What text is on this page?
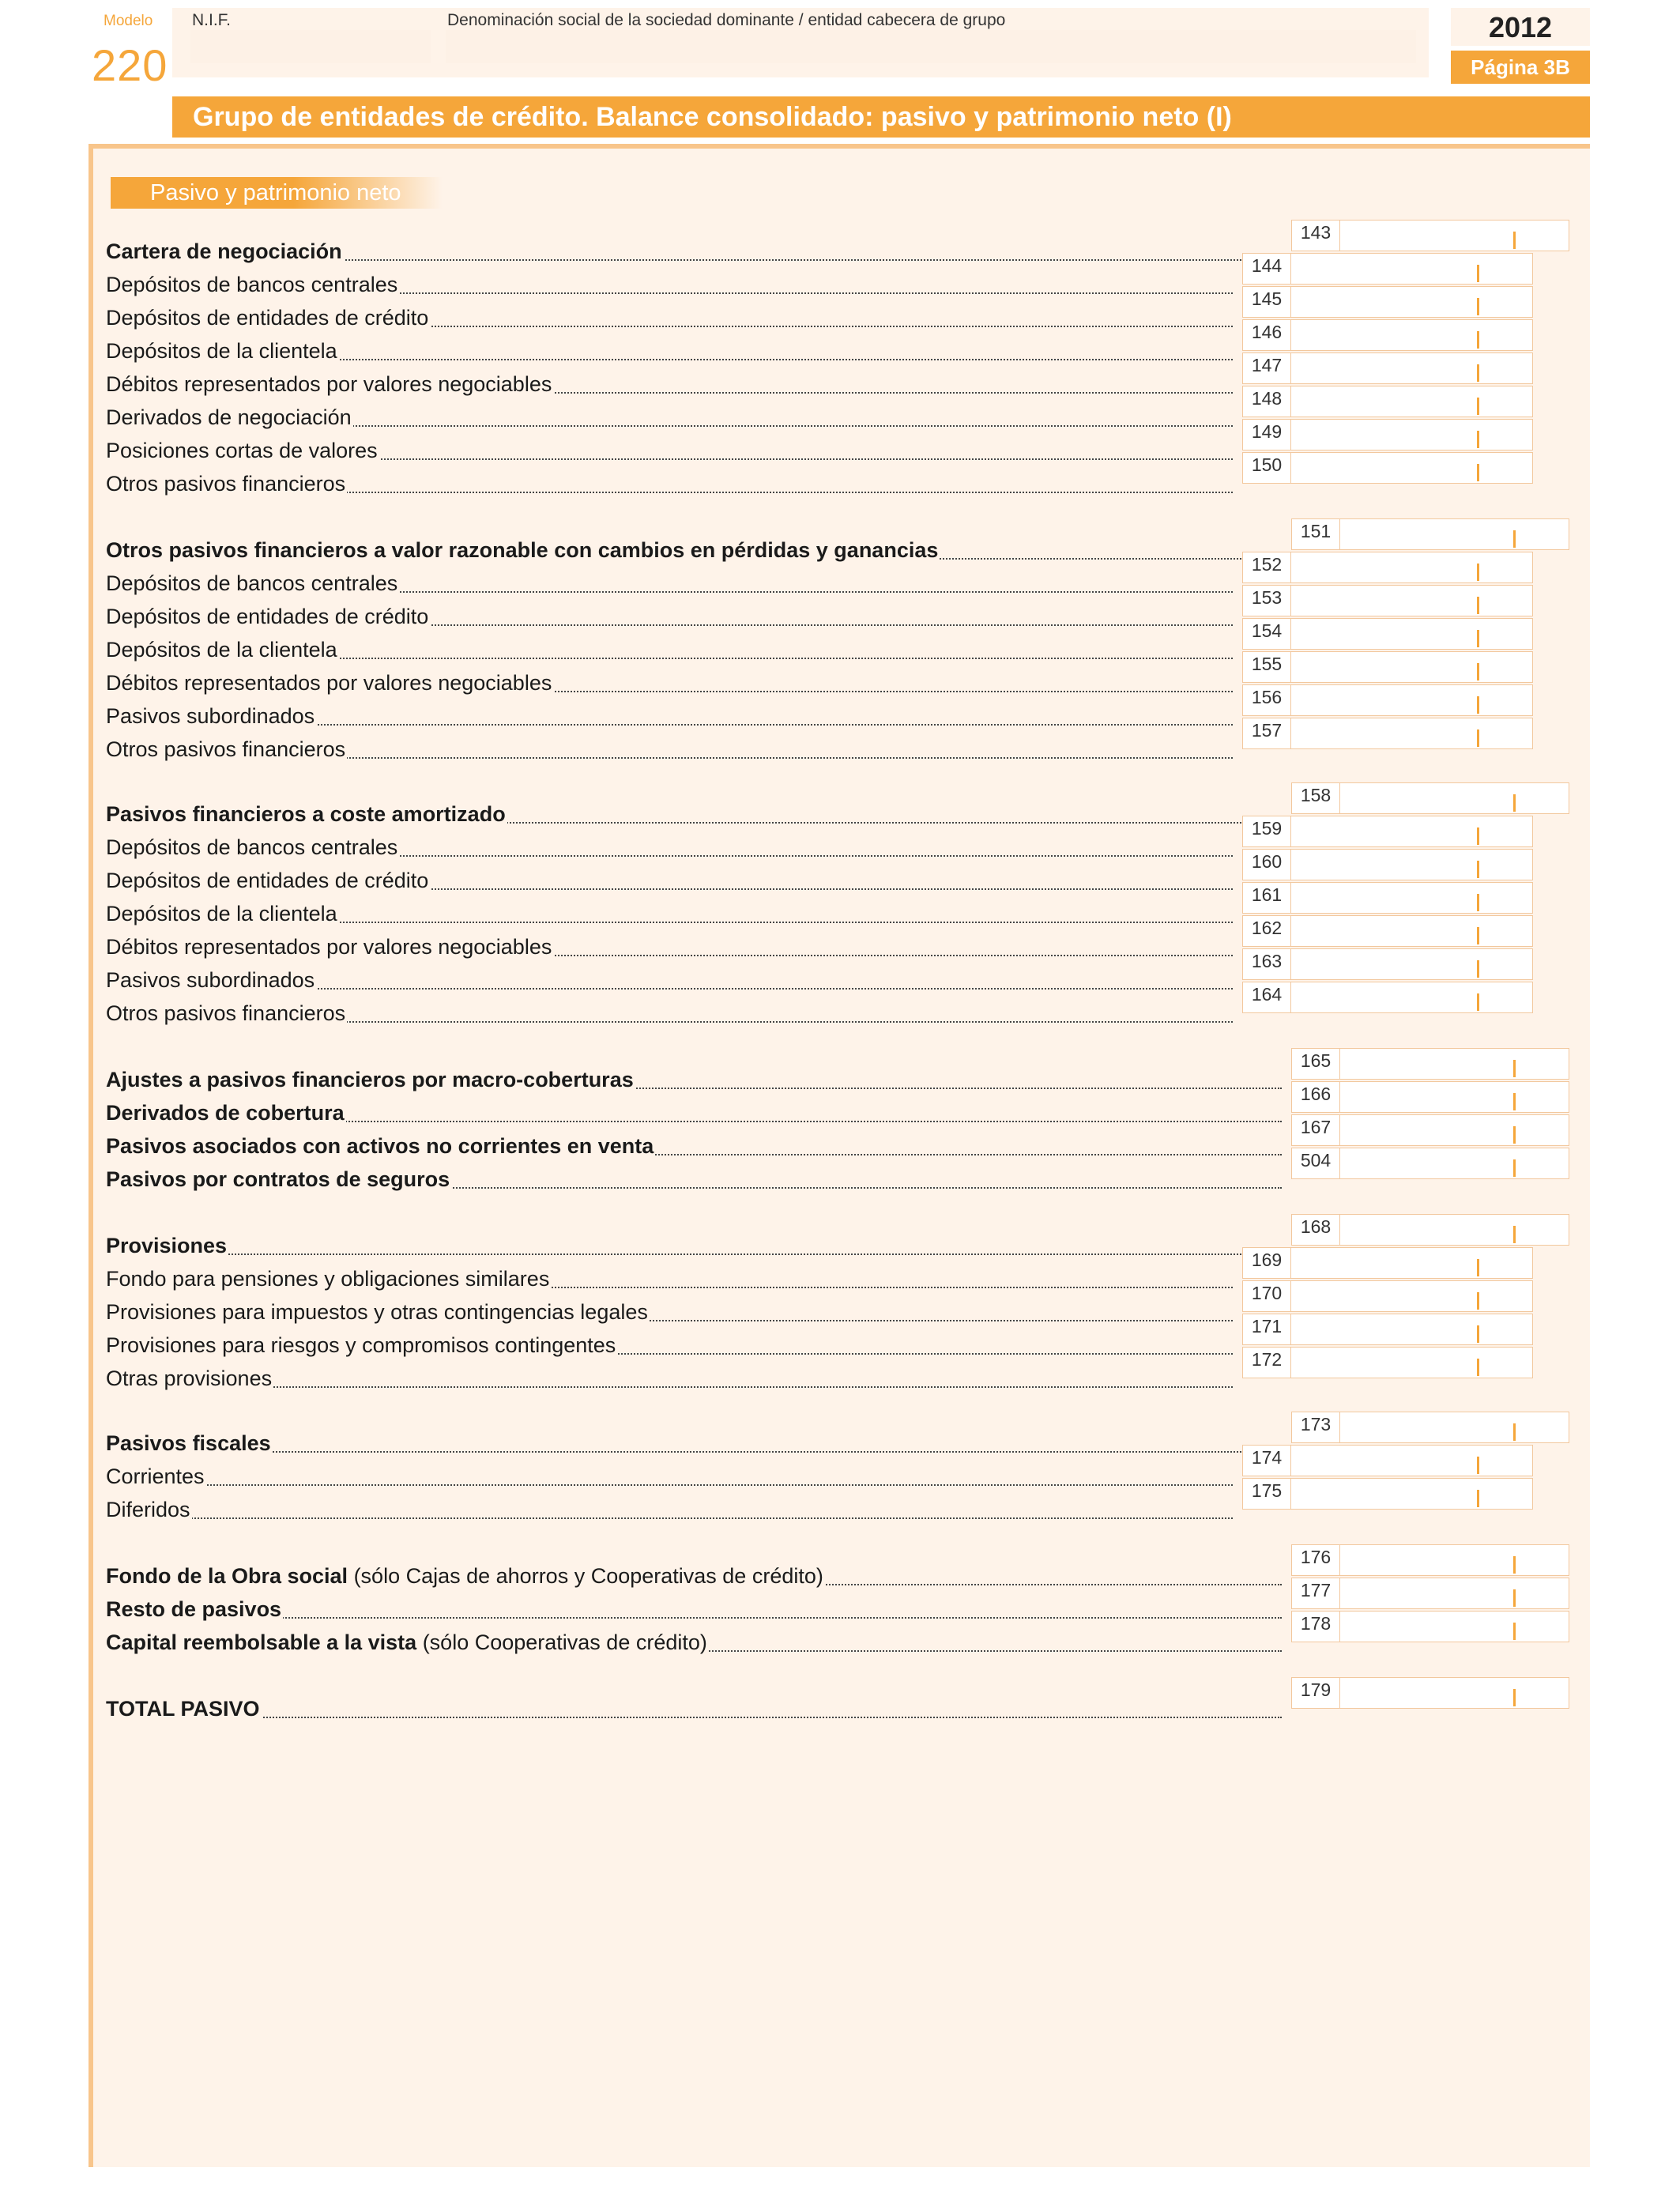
Modelo
220
N.I.F.	Denominación social de la sociedad dominante / entidad cabecera de grupo	2012
Página 3B
Grupo de entidades de crédito. Balance consolidado: pasivo y patrimonio neto (I)
Pasivo y patrimonio neto
Cartera de negociación
143
Depósitos de bancos centrales
144
Depósitos de entidades de crédito
145
Depósitos de la clientela
146
Débitos representados por valores negociables
147
Derivados de negociación
148
Posiciones cortas de valores
149
Otros pasivos financieros
150
Otros pasivos financieros a valor razonable con cambios en pérdidas y ganancias
151
Depósitos de bancos centrales
152
Depósitos de entidades de crédito
153
Depósitos de la clientela
154
Débitos representados por valores negociables
155
Pasivos subordinados
156
Otros pasivos financieros
157
Pasivos financieros a coste amortizado
158
Depósitos de bancos centrales
159
Depósitos de entidades de crédito
160
Depósitos de la clientela
161
Débitos representados por valores negociables
162
Pasivos subordinados
163
Otros pasivos financieros
164
Ajustes a pasivos financieros por macro-coberturas
165
Derivados de cobertura
166
Pasivos asociados con activos no corrientes en venta
167
Pasivos por contratos de seguros
504
Provisiones
168
Fondo para pensiones y obligaciones similares
169
Provisiones para impuestos y otras contingencias legales
170
Provisiones para riesgos y compromisos contingentes
171
Otras provisiones
172
Pasivos fiscales
173
Corrientes
174
Diferidos
175
Fondo de la Obra social (sólo Cajas de ahorros y Cooperativas de crédito)
176
Resto de pasivos
177
Capital reembolsable a la vista (sólo Cooperativas de crédito)
178
TOTAL PASIVO
179
